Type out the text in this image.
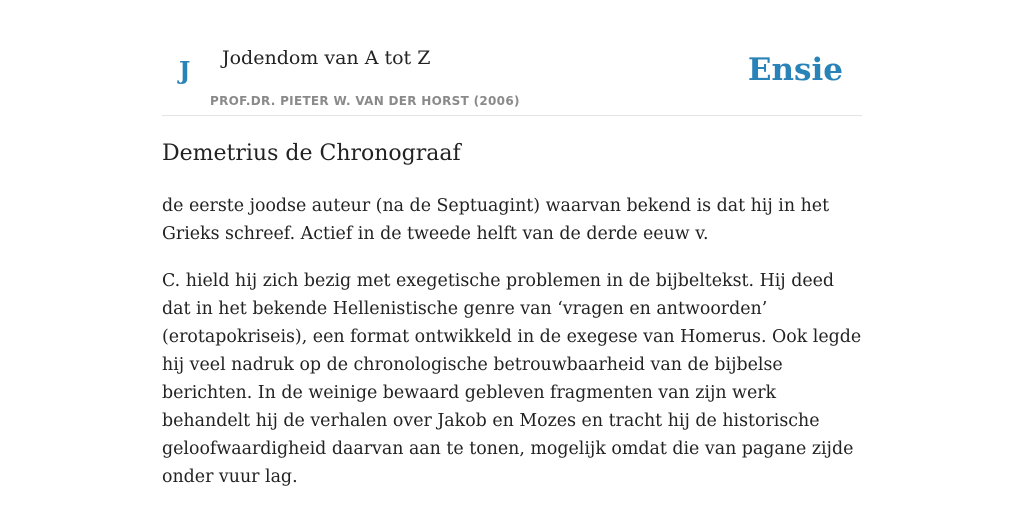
J Jodendom van A tot Z
PROF.DR. PIETER W. VAN DER HORST (2006)
Ensie
Demetrius de Chronograaf

de eerste joodse auteur (na de Septuagint) waarvan bekend is dat hij in het Grieks schreef. Actief in de tweede helft van de derde eeuw v.

C. hield hij zich bezig met exegetische problemen in de bijbeltekst. Hij deed dat in het bekende Hellenistische genre van ‘vragen en antwoorden’ (erotapokriseis), een format ontwikkeld in de exegese van Homerus. Ook legde hij veel nadruk op de chronologische betrouwbaarheid van de bijbelse berichten. In de weinige bewaard gebleven fragmenten van zijn werk behandelt hij de verhalen over Jakob en Mozes en tracht hij de historische geloofwaardigheid daarvan aan te tonen, mogelijk omdat die van pagane zijde onder vuur lag.
